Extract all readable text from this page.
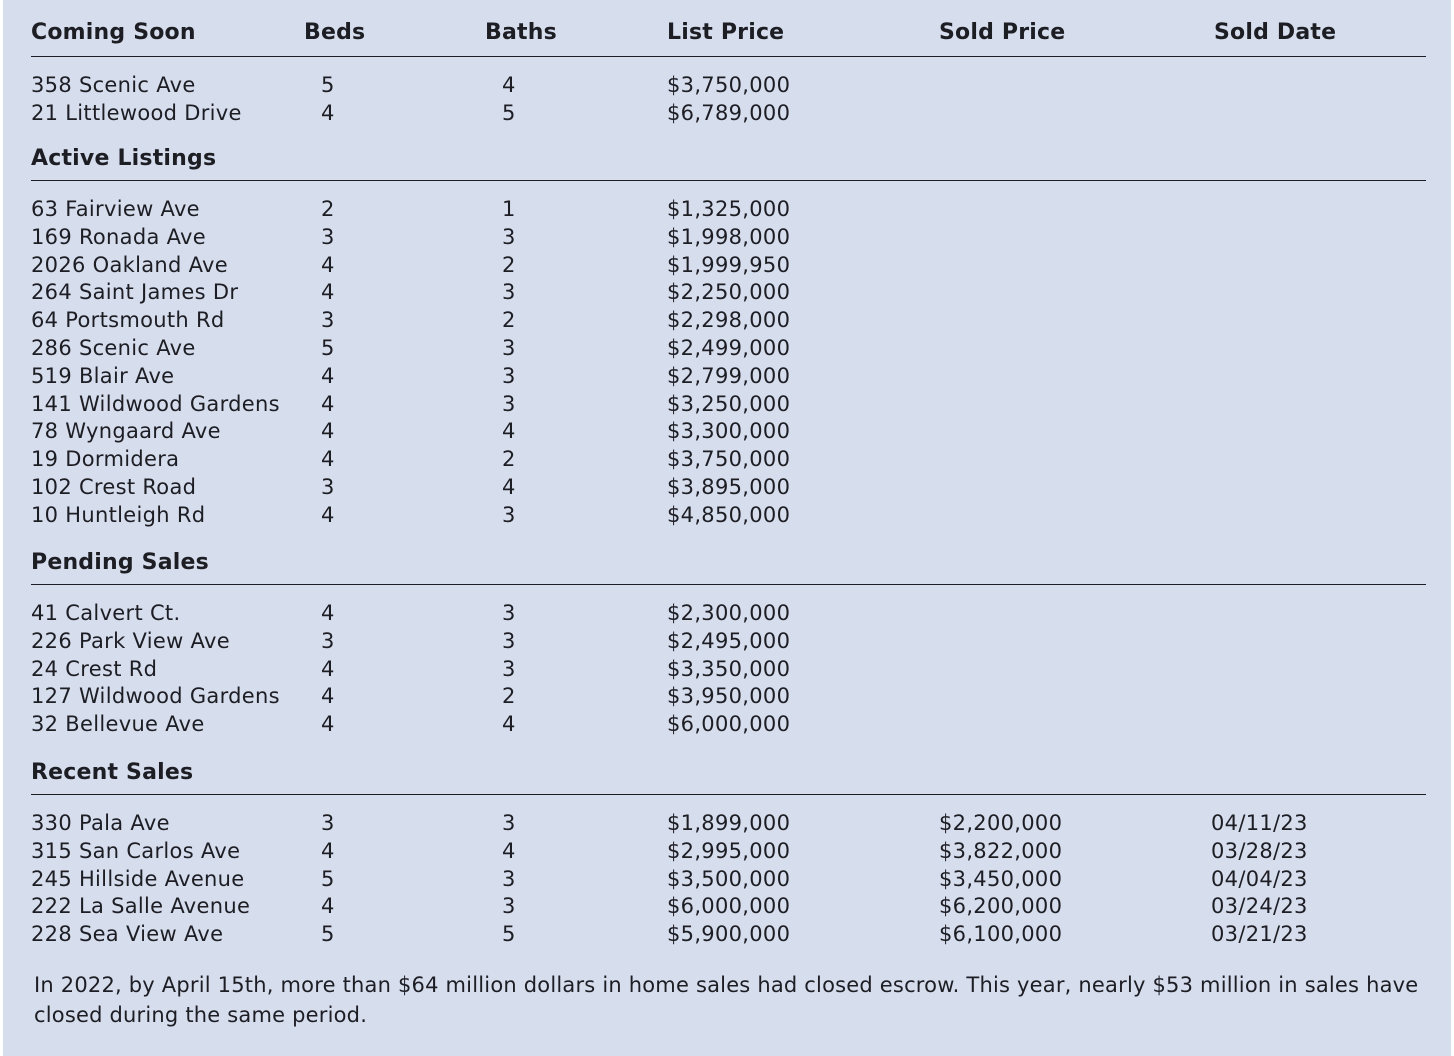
Coming Soon	Beds	Baths	List Price	Sold Price	Sold Date
358 Scenic Ave	5	4	$3,750,000
21 Littlewood Drive	4	5	$6,789,000
Active Listings
63 Fairview Ave	2	1	$1,325,000
169 Ronada Ave	3	3	$1,998,000
2026 Oakland Ave	4	2	$1,999,950
264 Saint James Dr	4	3	$2,250,000
64 Portsmouth Rd	3	2	$2,298,000
286 Scenic Ave	5	3	$2,499,000
519 Blair Ave	4	3	$2,799,000
141 Wildwood Gardens 4	3	$3,250,000
78 Wyngaard Ave	4	4	$3,300,000
19 Dormidera	4	2	$3,750,000
102 Crest Road	3	4	$3,895,000
10 Huntleigh Rd	4	3	$4,850,000
Pending Sales
41 Calvert Ct.	4	3	$2,300,000
226 Park View Ave	3	3	$2,495,000
24 Crest Rd	4	3	$3,350,000
127 Wildwood Gardens 4	2	$3,950,000
32 Bellevue Ave	4	4	$6,000,000
Recent Sales
330 Pala Ave	3	3	$1,899,000	$2,200,000	04/11/23
315 San Carlos Ave	4	4	$2,995,000	$3,822,000	03/28/23
245 Hillside Avenue	5	3	$3,500,000	$3,450,000	04/04/23
222 La Salle Avenue	4	3	$6,000,000	$6,200,000	03/24/23
228 Sea View Ave	5	5	$5,900,000	$6,100,000	03/21/23
In 2022, by April 15th, more than $64 million dollars in home sales had closed escrow. This year, nearly $53 million in sales have closed during the same period.
